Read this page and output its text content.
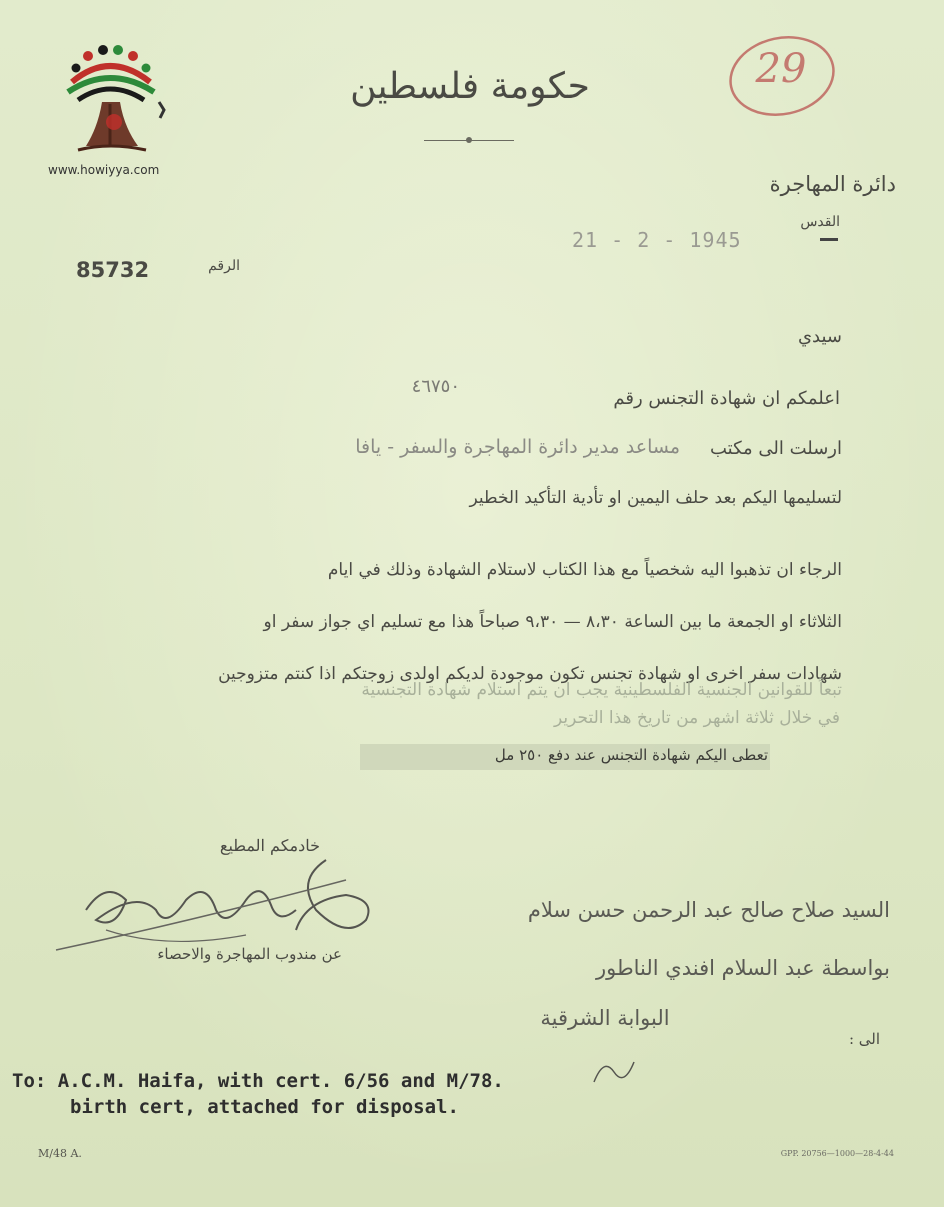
www.howiyya.com
حكومة فلسطين	29
دائرة المهاجرة
القدس
21 - 2 - 1945
الرقم
85732
سيدي
٤٦٧٥٠
اعلمكم ان شهادة التجنس رقم
مساعد مدير دائرة المهاجرة والسفر - يافا	ارسلت الى مكتب
لتسليمها اليكم بعد حلف اليمين او تأدية التأكيد الخطير
الرجاء ان تذهبوا اليه شخصياً مع هذا الكتاب لاستلام الشهادة وذلك في ايام
الثلاثاء او الجمعة ما بين الساعة ٨،٣٠ — ٩،٣٠ صباحاً هذا مع تسليم اي جواز سفر او
شهادات سفر اخرى او شهادة تجنس تكون موجودة لديكم اولدى زوجتكم اذا كنتم متزوجين
تبعاً للقوانين الجنسية الفلسطينية يجب ان يتم استلام شهادة التجنسية
في خلال ثلاثة اشهر من تاريخ هذا التحرير
تعطى اليكم شهادة التجنس عند دفع ٢٥٠ مل
خادمكم المطيع
عن مندوب المهاجرة والاحصاء
السيد صلاح صالح عبد الرحمن حسن سلام
بواسطة عبد السلام افندي الناطور
البوابة الشرقية
الى :
To: A.C.M. Haifa, with cert. 6/56 and M/78.
birth cert, attached for disposal.
M/48 A.	GPP. 20756—1000—28-4-44
